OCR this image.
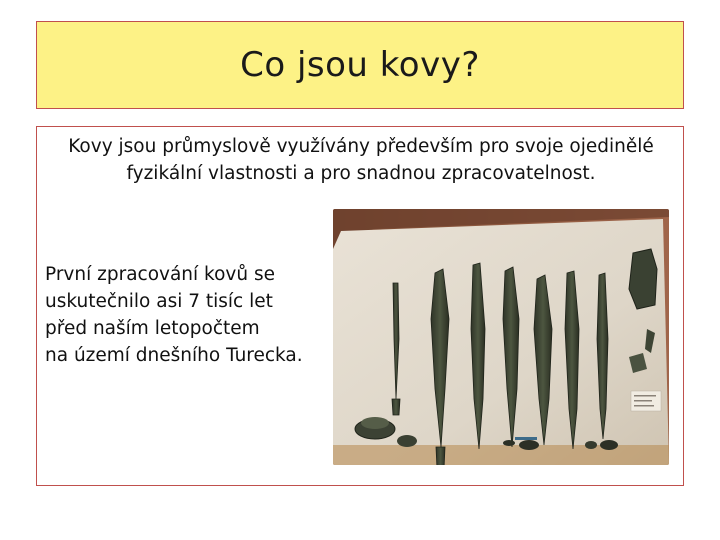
Co jsou kovy?
Kovy jsou průmyslově využívány především pro svoje ojedinělé fyzikální vlastnosti a pro snadnou zpracovatelnost.
První zpracování kovů se
uskutečnilo asi 7 tisíc let
před naším letopočtem
na území dnešního Turecka.
